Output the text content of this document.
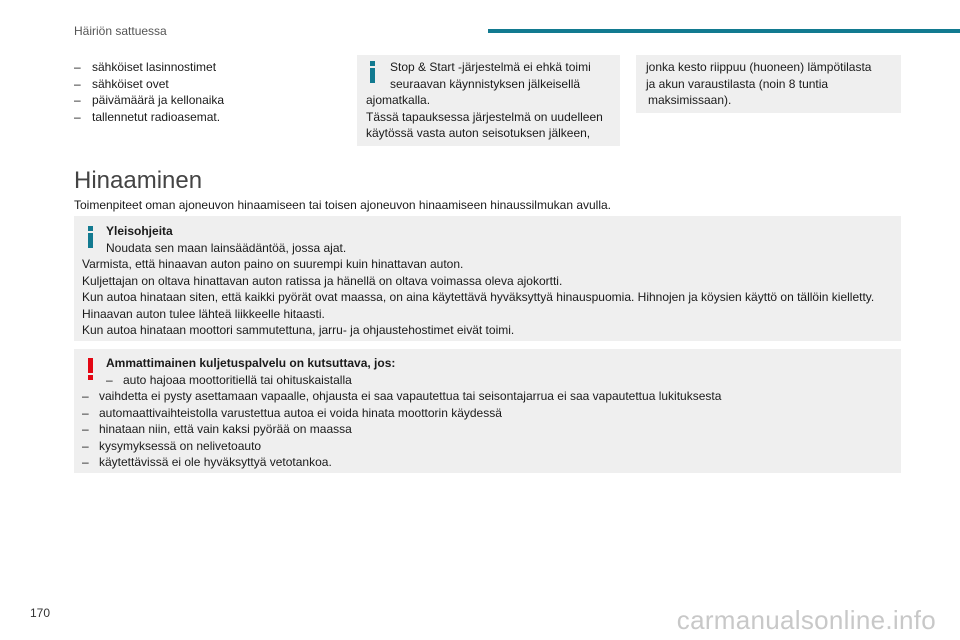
Häiriön sattuessa
– sähköiset lasinnostimet
– sähköiset ovet
– päivämäärä ja kellonaika
– tallennetut radioasemat.
Stop & Start -järjestelmä ei ehkä toimi
seuraavan käynnistyksen jälkeisellä
ajomatkalla.
Tässä tapauksessa järjestelmä on uudelleen
käytössä vasta auton seisotuksen jälkeen,
jonka kesto riippuu (huoneen) lämpötilasta
ja akun varaustilasta (noin 8 tuntia
maksimissaan).
Hinaaminen
Toimenpiteet oman ajoneuvon hinaamiseen tai toisen ajoneuvon hinaamiseen hinaussilmukan avulla.
Yleisohjeita
Noudata sen maan lainsäädäntöä, jossa ajat.
Varmista, että hinaavan auton paino on suurempi kuin hinattavan auton.
Kuljettajan on oltava hinattavan auton ratissa ja hänellä on oltava voimassa oleva ajokortti.
Kun autoa hinataan siten, että kaikki pyörät ovat maassa, on aina käytettävä hyväksyttyä hinauspuomia. Hihnojen ja köysien käyttö on tällöin kielletty.
Hinaavan auton tulee lähteä liikkeelle hitaasti.
Kun autoa hinataan moottori sammutettuna, jarru- ja ohjaustehostimet eivät toimi.
Ammattimainen kuljetuspalvelu on kutsuttava, jos:
– auto hajoaa moottoritiellä tai ohituskaistalla
– vaihdetta ei pysty asettamaan vapaalle, ohjausta ei saa vapautettua tai seisontajarrua ei saa vapautettua lukituksesta
– automaattivaihteistolla varustettua autoa ei voida hinata moottorin käydessä
– hinataan niin, että vain kaksi pyörää on maassa
– kysymyksessä on nelivetoauto
– käytettävissä ei ole hyväksyttyä vetotankoa.
170	carmanualsonline.info
